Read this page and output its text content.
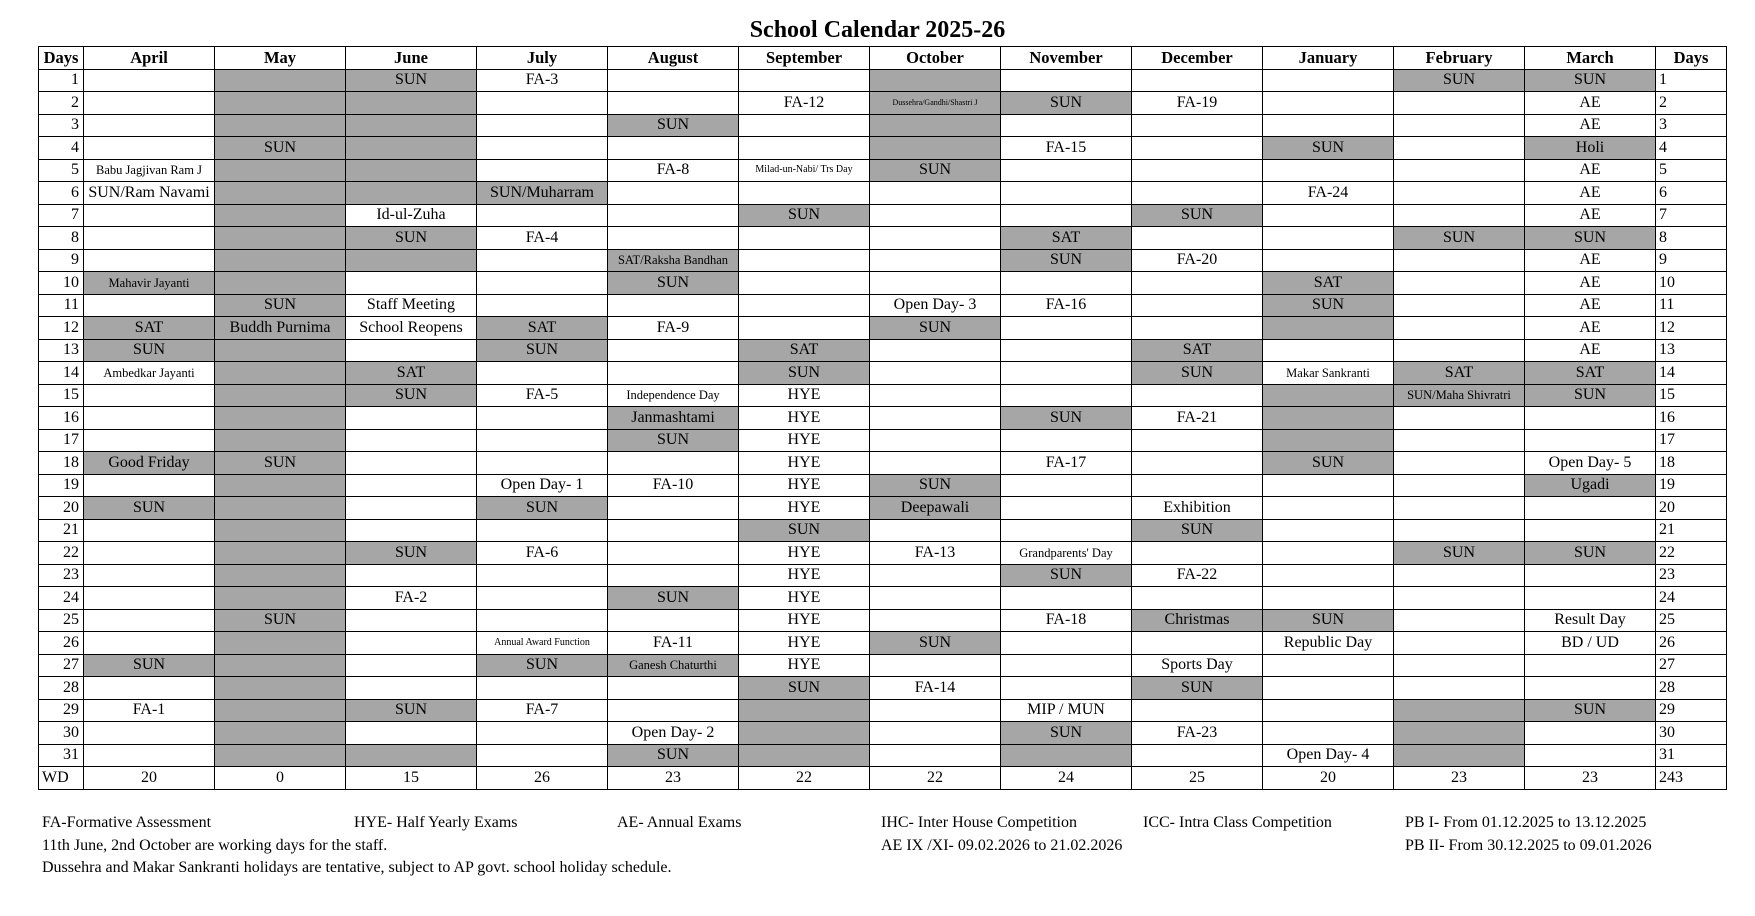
School Calendar 2025-26
Days	April	May	June	July	August	September	October	November	December	January	February	March	Days
1			SUN	FA-3							SUN	SUN	1
2						FA-12	Dussehra/Gandhi/Shastri J	SUN	FA-19			AE	2
3					SUN							AE	3
4		SUN						FA-15		SUN		Holi	4
5	Babu Jagjivan Ram J				FA-8	Milad-un-Nabi/ Trs Day	SUN					AE	5
6	SUN/Ram Navami			SUN/Muharram						FA-24		AE	6
7			Id-ul-Zuha			SUN			SUN			AE	7
8			SUN	FA-4				SAT			SUN	SUN	8
9					SAT/Raksha Bandhan			SUN	FA-20			AE	9
10	Mahavir Jayanti				SUN					SAT		AE	10
11		SUN	Staff Meeting				Open Day- 3	FA-16		SUN		AE	11
12	SAT	Buddh Purnima	School Reopens	SAT	FA-9		SUN					AE	12
13	SUN			SUN		SAT			SAT			AE	13
14	Ambedkar Jayanti		SAT			SUN			SUN	Makar Sankranti	SAT	SAT	14
15			SUN	FA-5	Independence Day	HYE					SUN/Maha Shivratri	SUN	15
16					Janmashtami	HYE		SUN	FA-21				16
17					SUN	HYE							17
18	Good Friday	SUN				HYE		FA-17		SUN		Open Day- 5	18
19				Open Day- 1	FA-10	HYE	SUN					Ugadi	19
20	SUN			SUN		HYE	Deepawali		Exhibition				20
21						SUN			SUN				21
22			SUN	FA-6		HYE	FA-13	Grandparents' Day			SUN	SUN	22
23						HYE		SUN	FA-22				23
24			FA-2		SUN	HYE							24
25		SUN				HYE		FA-18	Christmas	SUN		Result Day	25
26				Annual Award Function	FA-11	HYE	SUN			Republic Day		BD / UD	26
27	SUN			SUN	Ganesh Chaturthi	HYE			Sports Day				27
28						SUN	FA-14		SUN				28
29	FA-1		SUN	FA-7				MIP / MUN				SUN	29
30					Open Day- 2			SUN	FA-23				30
31					SUN					Open Day- 4			31
WD	20	0	15	26	23	22	22	24	25	20	23	23	243
FA-Formative Assessment	HYE- Half Yearly Exams	AE- Annual Exams	IHC- Inter House Competition	ICC- Intra Class Competition	PB I- From 01.12.2025 to 13.12.2025
11th June, 2nd October are working days for the staff.	AE IX /XI- 09.02.2026 to 21.02.2026	PB II- From 30.12.2025 to 09.01.2026
Dussehra and Makar Sankranti holidays are tentative, subject to AP govt. school holiday schedule.
